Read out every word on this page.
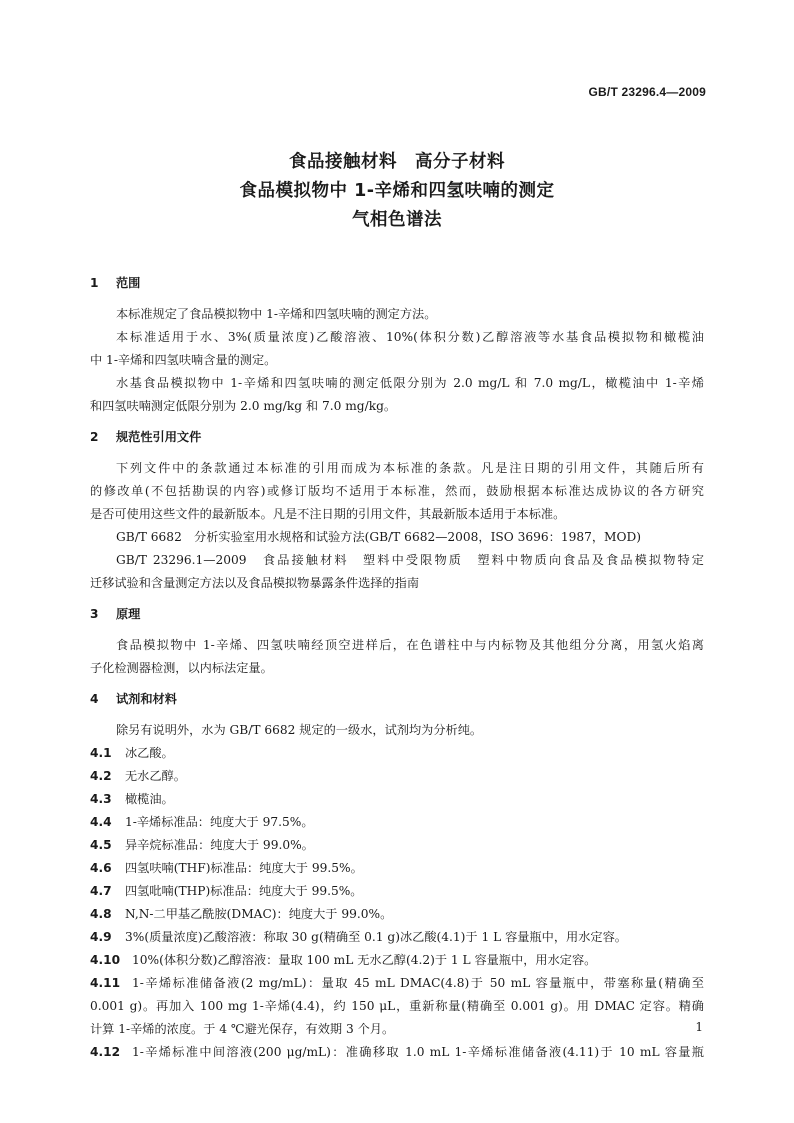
GB/T 23296.4—2009
食品接触材料　高分子材料
食品模拟物中 1-辛烯和四氢呋喃的测定
气相色谱法
1 范围

本标准规定了食品模拟物中 1-辛烯和四氢呋喃的测定方法。

本标准适用于水、3%(质量浓度)乙酸溶液、10%(体积分数)乙醇溶液等水基食品模拟物和橄榄油

中 1-辛烯和四氢呋喃含量的测定。

水基食品模拟物中 1-辛烯和四氢呋喃的测定低限分别为 2.0 mg/L 和 7.0 mg/L，橄榄油中 1-辛烯

和四氢呋喃测定低限分别为 2.0 mg/kg 和 7.0 mg/kg。

2 规范性引用文件

下列文件中的条款通过本标准的引用而成为本标准的条款。凡是注日期的引用文件，其随后所有

的修改单(不包括勘误的内容)或修订版均不适用于本标准，然而，鼓励根据本标准达成协议的各方研究

是否可使用这些文件的最新版本。凡是不注日期的引用文件，其最新版本适用于本标准。

GB/T 6682　分析实验室用水规格和试验方法(GB/T 6682—2008，ISO 3696：1987，MOD)

GB/T 23296.1—2009　食品接触材料　塑料中受限物质　塑料中物质向食品及食品模拟物特定

迁移试验和含量测定方法以及食品模拟物暴露条件选择的指南

3 原理

食品模拟物中 1-辛烯、四氢呋喃经顶空进样后，在色谱柱中与内标物及其他组分分离，用氢火焰离

子化检测器检测，以内标法定量。

4 试剂和材料

除另有说明外，水为 GB/T 6682 规定的一级水，试剂均为分析纯。

4.1 冰乙酸。

4.2 无水乙醇。

4.3 橄榄油。

4.4 1-辛烯标准品：纯度大于 97.5%。

4.5 异辛烷标准品：纯度大于 99.0%。

4.6 四氢呋喃(THF)标准品：纯度大于 99.5%。

4.7 四氢吡喃(THP)标准品：纯度大于 99.5%。

4.8 N,N-二甲基乙酰胺(DMAC)：纯度大于 99.0%。

4.9 3%(质量浓度)乙酸溶液：称取 30 g(精确至 0.1 g)冰乙酸(4.1)于 1 L 容量瓶中，用水定容。

4.10 10%(体积分数)乙醇溶液：量取 100 mL 无水乙醇(4.2)于 1 L 容量瓶中，用水定容。

4.11 1-辛烯标准储备液(2 mg/mL)：量取 45 mL DMAC(4.8)于 50 mL 容量瓶中，带塞称量(精确至

0.001 g)。再加入 100 mg 1-辛烯(4.4)，约 150 μL，重新称量(精确至 0.001 g)。用 DMAC 定容。精确

计算 1-辛烯的浓度。于 4 ℃避光保存，有效期 3 个月。

4.12 1-辛烯标准中间溶液(200 μg/mL)：准确移取 1.0 mL 1-辛烯标准储备液(4.11)于 10 mL 容量瓶

1
